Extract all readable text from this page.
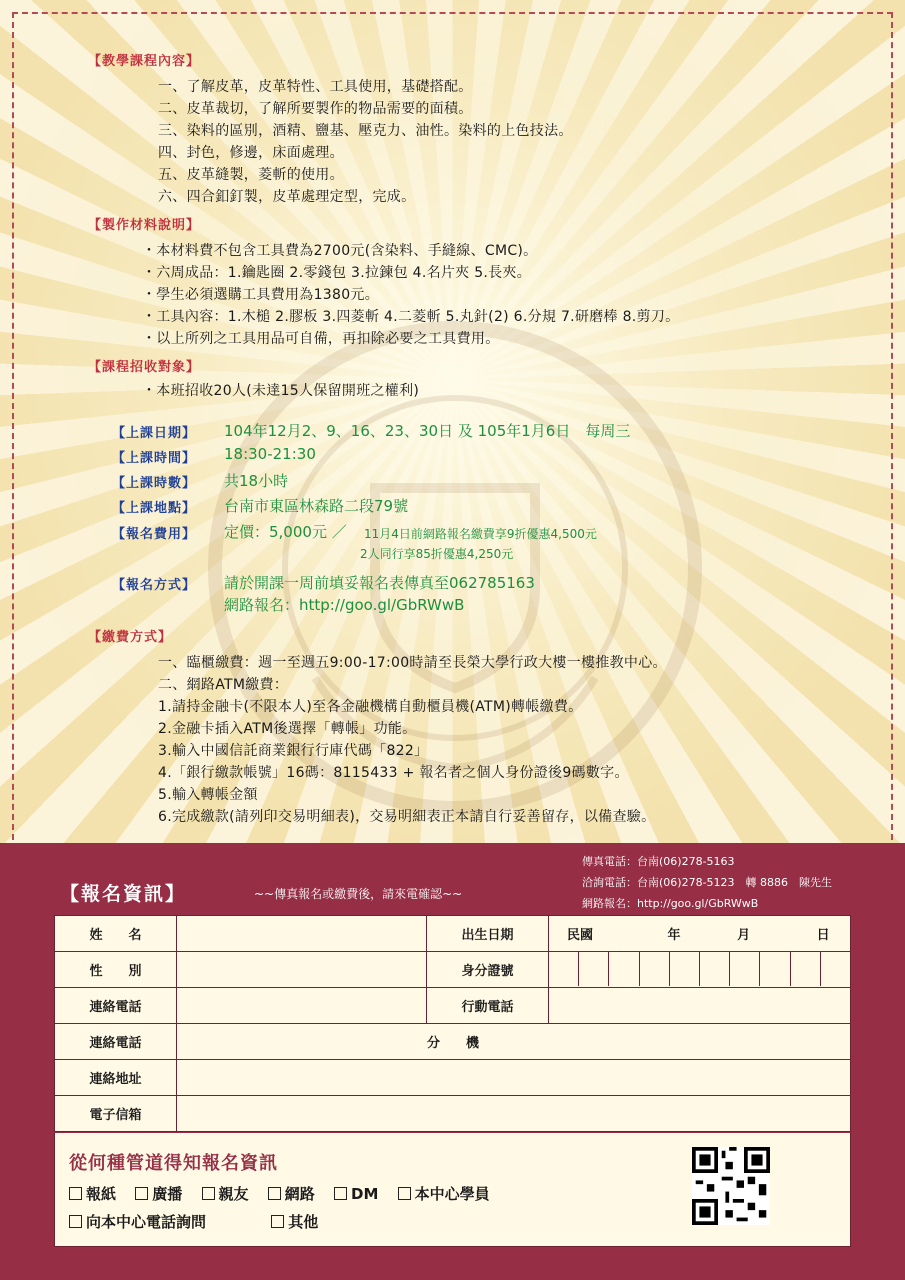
【教學課程內容】
一、了解皮革，皮革特性、工具使用，基礎搭配。
二、皮革裁切，了解所要製作的物品需要的面積。
三、染料的區別，酒精、鹽基、壓克力、油性。染料的上色技法。
四、封色，修邊，床面處理。
五、皮革縫製，菱斬的使用。
六、四合釦釘製，皮革處理定型，完成。
【製作材料說明】
・本材料費不包含工具費為2700元(含染料、手縫線、CMC)。
・六周成品：1.鑰匙圈 2.零錢包 3.拉鍊包 4.名片夾 5.長夾。
・學生必須選購工具費用為1380元。
・工具內容：1.木槌 2.膠板 3.四菱斬 4.二菱斬 5.丸針(2) 6.分規 7.研磨棒 8.剪刀。
・以上所列之工具用品可自備，再扣除必要之工具費用。
【課程招收對象】
・本班招收20人(未達15人保留開班之權利)
【上課日期】 104年12月2、9、16、23、30日 及 105年1月6日　每周三
【上課時間】 18:30-21:30
【上課時數】 共18小時
【上課地點】 台南市東區林森路二段79號
【報名費用】 定價：5,000元 ／ 11月4日前網路報名繳費享9折優惠4,500元
2人同行享85折優惠4,250元
【報名方式】 請於開課一周前填妥報名表傳真至062785163
網路報名：http://goo.gl/GbRWwB
【繳費方式】
一、臨櫃繳費：週一至週五9:00-17:00時請至長榮大學行政大樓一樓推教中心。
二、網路ATM繳費：
1.請持金融卡(不限本人)至各金融機構自動櫃員機(ATM)轉帳繳費。
2.金融卡插入ATM後選擇「轉帳」功能。
3.輸入中國信託商業銀行行庫代碼「822」
4.「銀行繳款帳號」16碼：8115433 + 報名者之個人身份證後9碼數字。
5.輸入轉帳金額
6.完成繳款(請列印交易明細表)，交易明細表正本請自行妥善留存，以備查驗。
【報名資訊】	~~傳真報名或繳費後，請來電確認~~
傳真電話：台南(06)278-5163
洽詢電話：台南(06)278-5123　轉 8886　陳先生
網路報名：http://goo.gl/GbRWwB
姓　　名		出生日期	民國 年 月 日
性　　別		身分證號	

連絡電話		行動電話	
連絡電話	分　　機		
連絡地址			
電子信箱			
從何種管道得知報名資訊
報紙 廣播 親友 網路 DM 本中心學員
向本中心電話詢問	其他
